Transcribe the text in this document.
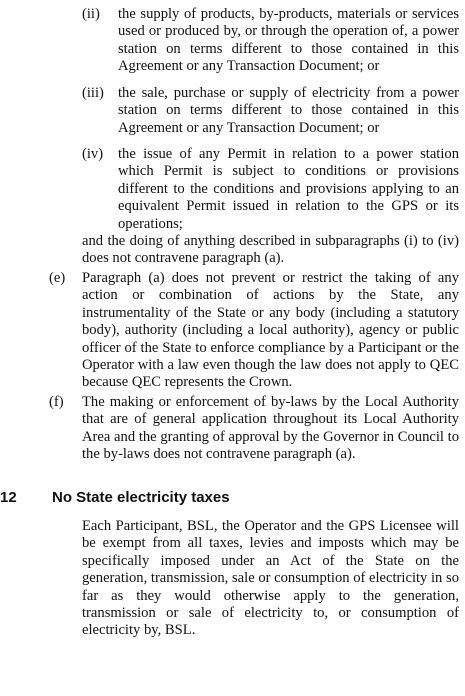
(ii) the supply of products, by-products, materials or services used or produced by, or through the operation of, a power station on terms different to those contained in this Agreement or any Transaction Document; or
(iii) the sale, purchase or supply of electricity from a power station on terms different to those contained in this Agreement or any Transaction Document; or
(iv) the issue of any Permit in relation to a power station which Permit is subject to conditions or provisions different to the conditions and provisions applying to an equivalent Permit issued in relation to the GPS or its operations;
and the doing of anything described in subparagraphs (i) to (iv) does not contravene paragraph (a).
(e) Paragraph (a) does not prevent or restrict the taking of any action or combination of actions by the State, any instrumentality of the State or any body (including a statutory body), authority (including a local authority), agency or public officer of the State to enforce compliance by a Participant or the Operator with a law even though the law does not apply to QEC because QEC represents the Crown.
(f) The making or enforcement of by-laws by the Local Authority that are of general application throughout its Local Authority Area and the granting of approval by the Governor in Council to the by-laws does not contravene paragraph (a).
12 No State electricity taxes
Each Participant, BSL, the Operator and the GPS Licensee will be exempt from all taxes, levies and imposts which may be specifically imposed under an Act of the State on the generation, transmission, sale or consumption of electricity in so far as they would otherwise apply to the generation, transmission or sale of electricity to, or consumption of electricity by, BSL.
